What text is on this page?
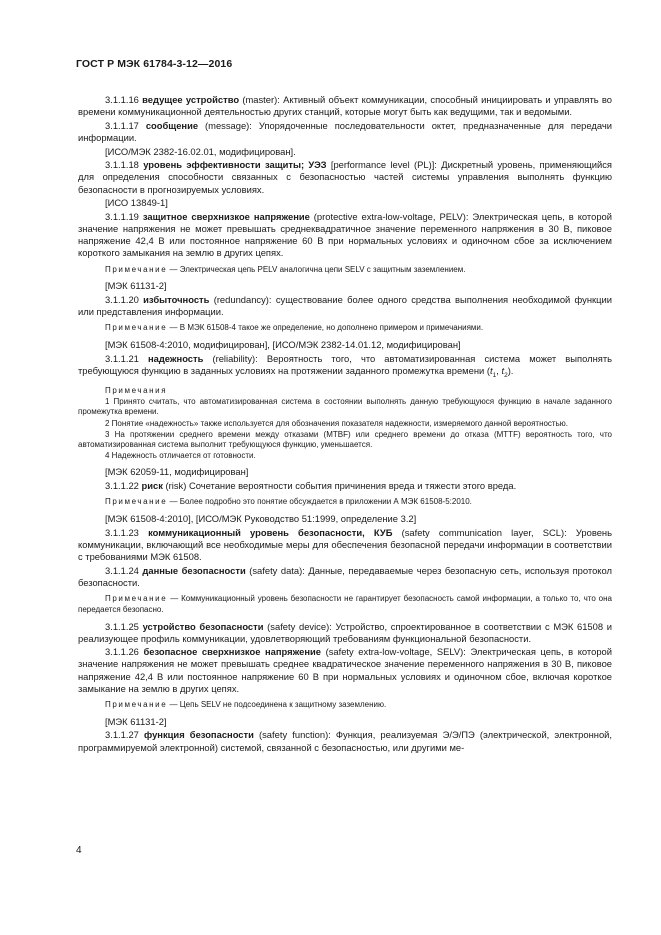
ГОСТ Р МЭК 61784-3-12—2016

3.1.1.16 ведущее устройство (master): Активный объект коммуникации, способный инициировать и управлять во времени коммуникационной деятельностью других станций, которые могут быть как ведущими, так и ведомыми.

3.1.1.17 сообщение (message): Упорядоченные последовательности октет, предназначенные для передачи информации.

[ИСО/МЭК 2382-16.02.01, модифицирован].

3.1.1.18 уровень эффективности защиты; УЭЗ [performance level (PL)]: Дискретный уровень, применяющийся для определения способности связанных с безопасностью частей системы управления выполнять функцию безопасности в прогнозируемых условиях.

[ИСО 13849-1]

3.1.1.19 защитное сверхнизкое напряжение (protective extra-low-voltage, PELV): Электрическая цепь, в которой значение напряжения не может превышать среднеквадратичное значение переменного напряжения в 30 В, пиковое напряжение 42,4 В или постоянное напряжение 60 В при нормальных условиях и одиночном сбое за исключением короткого замыкания на землю в других цепях.

Примечание — Электрическая цепь PELV аналогична цепи SELV с защитным заземлением.

[МЭК 61131-2]

3.1.1.20 избыточность (redundancy): существование более одного средства выполнения необходимой функции или представления информации.

Примечание — В МЭК 61508-4 такое же определение, но дополнено примером и примечаниями.

[МЭК 61508-4:2010, модифицирован], [ИСО/МЭК 2382-14.01.12, модифицирован]

3.1.1.21 надежность (reliability): Вероятность того, что автоматизированная система может выполнять требующуюся функцию в заданных условиях на протяжении заданного промежутка времени ($t_1$, $t_2$).

Примечания

1 Принято считать, что автоматизированная система в состоянии выполнять данную требующуюся функцию в начале заданного промежутка времени.

2 Понятие «надежность» также используется для обозначения показателя надежности, измеряемого данной вероятностью.

3 На протяжении среднего времени между отказами (MTBF) или среднего времени до отказа (MTTF) вероятность того, что автоматизированная система выполнит требующуюся функцию, уменьшается.

4 Надежность отличается от готовности.

[МЭК 62059-11, модифицирован]

3.1.1.22 риск (risk) Сочетание вероятности события причинения вреда и тяжести этого вреда.

Примечание — Более подробно это понятие обсуждается в приложении А МЭК 61508-5:2010.

[МЭК 61508-4:2010], [ИСО/МЭК Руководство 51:1999, определение 3.2]

3.1.1.23 коммуникационный уровень безопасности, КУБ (safety communication layer, SCL): Уровень коммуникации, включающий все необходимые меры для обеспечения безопасной передачи информации в соответствии с требованиями МЭК 61508.

3.1.1.24 данные безопасности (safety data): Данные, передаваемые через безопасную сеть, используя протокол безопасности.

Примечание — Коммуникационный уровень безопасности не гарантирует безопасность самой информации, а только то, что она передается безопасно.

3.1.1.25 устройство безопасности (safety device): Устройство, спроектированное в соответствии с МЭК 61508 и реализующее профиль коммуникации, удовлетворяющий требованиям функциональной безопасности.

3.1.1.26 безопасное сверхнизкое напряжение (safety extra-low-voltage, SELV): Электрическая цепь, в которой значение напряжения не может превышать среднее квадратическое значение переменного напряжения в 30 В, пиковое напряжение 42,4 В или постоянное напряжение 60 В при нормальных условиях и одиночном сбое, включая короткое замыкание на землю в других цепях.

Примечание — Цепь SELV не подсоединена к защитному заземлению.

[МЭК 61131-2]

3.1.1.27 функция безопасности (safety function): Функция, реализуемая Э/Э/ПЭ (электрической, электронной, программируемой электронной) системой, связанной с безопасностью, или другими ме-

4
